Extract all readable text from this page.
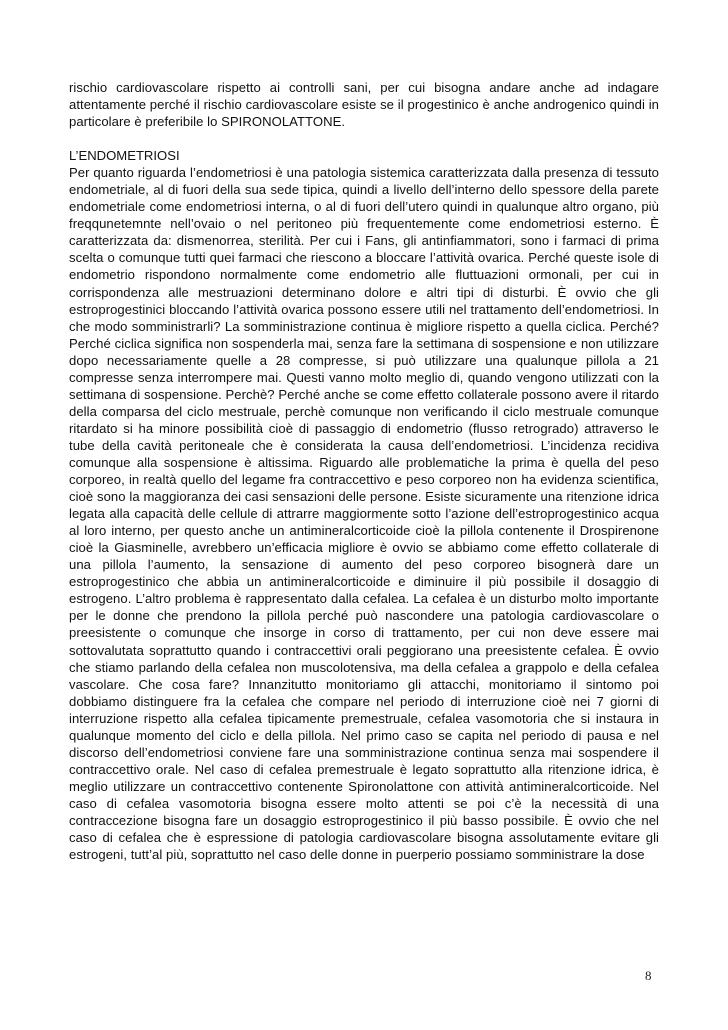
rischio cardiovascolare rispetto ai controlli sani, per cui bisogna andare anche ad indagare attentamente perché il rischio cardiovascolare esiste se il progestinico è anche androgenico quindi in particolare è preferibile lo SPIRONOLATTONE.

L’ENDOMETRIOSI

Per quanto riguarda l’endometriosi è una patologia sistemica caratterizzata dalla presenza di tessuto endometriale, al di fuori della sua sede tipica, quindi a livello dell’interno dello spessore della parete endometriale come endometriosi interna, o al di fuori dell’utero quindi in qualunque altro organo, più freqqunetemnte nell’ovaio o nel peritoneo più frequentemente come endometriosi esterno. È caratterizzata da: dismenorrea, sterilità. Per cui i Fans, gli antinfiammatori, sono i farmaci di prima scelta o comunque tutti quei farmaci che riescono a bloccare l’attività ovarica. Perché queste isole di endometrio rispondono normalmente come endometrio alle fluttuazioni ormonali, per cui in corrispondenza alle mestruazioni determinano dolore e altri tipi di disturbi. È ovvio che gli estroprogestinici bloccando l’attività ovarica possono essere utili nel trattamento dell’endometriosi. In che modo somministrarli? La somministrazione continua è migliore rispetto a quella ciclica. Perché? Perché ciclica significa non sospenderla mai, senza fare la settimana di sospensione e non utilizzare dopo necessariamente quelle a 28 compresse, si può utilizzare una qualunque pillola a 21 compresse senza interrompere mai. Questi vanno molto meglio di, quando vengono utilizzati con la settimana di sospensione. Perchè? Perché anche se come effetto collaterale possono avere il ritardo della comparsa del ciclo mestruale, perchè comunque non verificando il ciclo mestruale comunque ritardato si ha minore possibilità cioè di passaggio di endometrio (flusso retrogrado) attraverso le tube della cavità peritoneale che è considerata la causa dell’endometriosi. L’incidenza recidiva comunque alla sospensione è altissima. Riguardo alle problematiche la prima è quella del peso corporeo, in realtà quello del legame fra contraccettivo e peso corporeo non ha evidenza scientifica, cioè sono la maggioranza dei casi sensazioni delle persone. Esiste sicuramente una ritenzione idrica legata alla capacità delle cellule di attrarre maggiormente sotto l’azione dell’estroprogestinico acqua al loro interno, per questo anche un antimineralcorticoide cioè la pillola contenente il Drospirenone cioè la Giasminelle, avrebbero un’efficacia migliore è ovvio se abbiamo come effetto collaterale di una pillola l’aumento, la sensazione di aumento del peso corporeo bisognerà dare un estroprogestinico che abbia un antimineralcorticoide e diminuire il più possibile il dosaggio di estrogeno. L’altro problema è rappresentato dalla cefalea. La cefalea è un disturbo molto importante per le donne che prendono la pillola perché può nascondere una patologia cardiovascolare o preesistente o comunque che insorge in corso di trattamento, per cui non deve essere mai sottovalutata soprattutto quando i contraccettivi orali peggiorano una preesistente cefalea. È ovvio che stiamo parlando della cefalea non muscolotensiva, ma della cefalea a grappolo e della cefalea vascolare. Che cosa fare? Innanzitutto monitoriamo gli attacchi, monitoriamo il sintomo poi dobbiamo distinguere fra la cefalea che compare nel periodo di interruzione cioè nei 7 giorni di interruzione rispetto alla cefalea tipicamente premestruale, cefalea vasomotoria che si instaura in qualunque momento del ciclo e della pillola. Nel primo caso se capita nel periodo di pausa e nel discorso dell’endometriosi conviene fare una somministrazione continua senza mai sospendere il contraccettivo orale. Nel caso di cefalea premestruale è legato soprattutto alla ritenzione idrica, è meglio utilizzare un contraccettivo contenente Spironolattone con attività antimineralcorticoide. Nel caso di cefalea vasomotoria bisogna essere molto attenti se poi c’è la necessità di una contraccezione bisogna fare un dosaggio estroprogestinico il più basso possibile. È ovvio che nel caso di cefalea che è espressione di patologia cardiovascolare bisogna assolutamente evitare gli estrogeni, tutt’al più, soprattutto nel caso delle donne in puerperio possiamo somministrare la dose

8
